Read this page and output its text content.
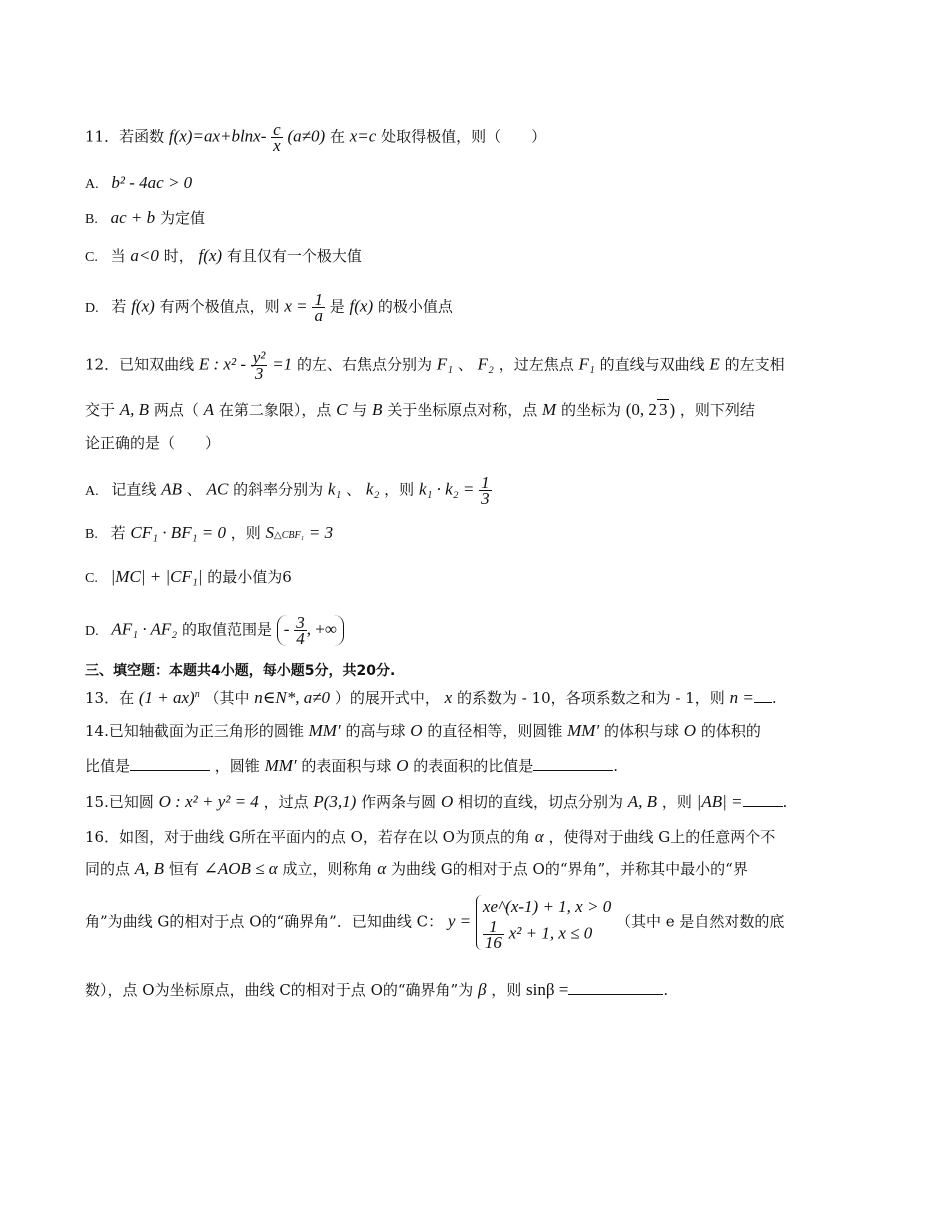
11．若函数 $f(x)=ax+blnx- \frac{c}{x} (a\ne 0)$ 在 x=c 处取得极值，则（　　）
A. b² - 4ac > 0
B. ac + b 为定值
C. 当 a<0 时， f(x) 有且仅有一个极大值
D. 若 f(x) 有两个极值点，则 $x = \frac{1}{a}$ 是 f(x) 的极小值点
12．已知双曲线 E : $x^2 - \frac{\text{y²}}{3} =1$ 的左、右焦点分别为 F₁ 、 F₂ ，过左焦点 F₁ 的直线与双曲线 E 的左支相
交于 A, B 两点（ A 在第二象限），点 C 与 B 关于坐标原点对称，点 M 的坐标为 (0, 2 3 ) ，则下列结
论正确的是（　　）
A. 记直线 AB 、 AC 的斜率分别为 k₁ 、 k₂ ，则 $k_1 \cdot k_2 = \frac{1}{3}$
B. 若 CF₁ · BF₁ = 0 ，则 S△CBF₁ = 3
C. |MC| + |CF₁| 的最小值为6
D. AF₁ · AF₂ 的取值范围是 - $\frac{3}{4}$ , +∞
三、填空题：本题共4小题，每小题5分，共20分.
13．在 (1 + ax)$^n$ （其中 n∈N*, a≠0 ）的展开式中， x 的系数为 - 10，各项系数之和为 - 1，则 n = .
14.已知轴截面为正三角形的圆锥 MM′ 的高与球 O 的直径相等，则圆锥 MM′ 的体积与球 O 的体积的
比值是	，圆锥 MM′ 的表面积与球 O 的表面积的比值是	.
15.已知圆 O : x² + y² = 4 ，过点 P(3,1) 作两条与圆 O 相切的直线，切点分别为 A, B ，则 |AB| =	.
16．如图，对于曲线 G所在平面内的点 O，若存在以 O为顶点的角 α ，使得对于曲线 G上的任意两个不
同的点 A, B 恒有 ∠AOB ≤ α 成立，则称角 α 为曲线 G的相对于点 O的“界角”，并称其中最小的“界
角”为曲线 G的相对于点 O的“确界角”．已知曲线 C： y =
xe^(x-1) + 1, x > 0
$\frac{1}{16} x^2 + 1$, x ≤ 0
（其中 e 是自然对数的底
数），点 O为坐标原点，曲线 C的相对于点 O的“确界角”为 β ，则 sinβ =	.
